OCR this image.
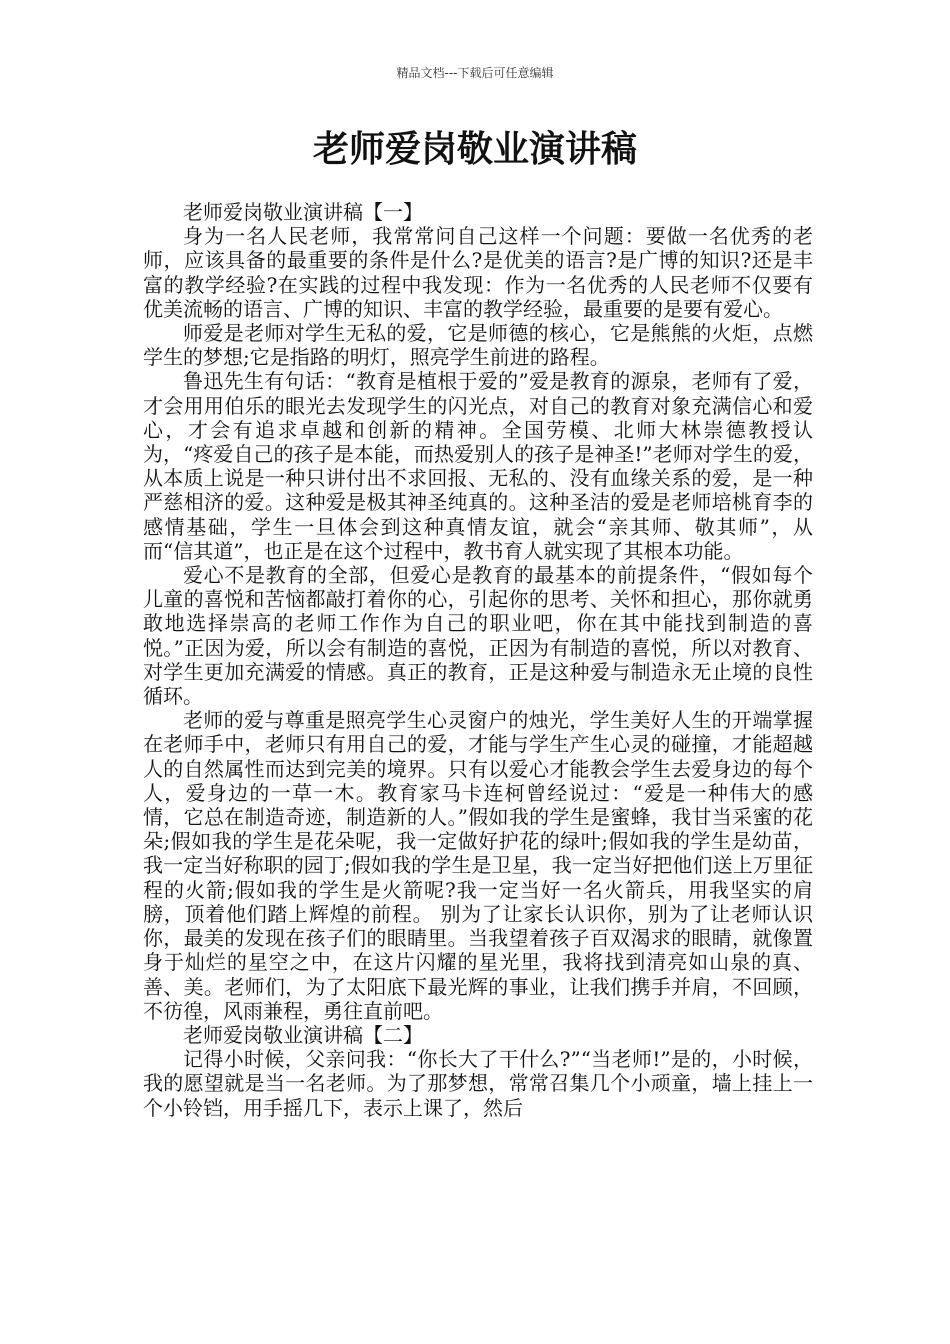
精品文档---下载后可任意编辑
老师爱岗敬业演讲稿

老师爱岗敬业演讲稿【一】

身为一名人民老师，我常常问自己这样一个问题：要做一名优秀的老师，应该具备的最重要的条件是什么?是优美的语言?是广博的知识?还是丰富的教学经验?在实践的过程中我发现：作为一名优秀的人民老师不仅要有优美流畅的语言、广博的知识、丰富的教学经验，最重要的是要有爱心。

师爱是老师对学生无私的爱，它是师德的核心，它是熊熊的火炬，点燃学生的梦想;它是指路的明灯，照亮学生前进的路程。

鲁迅先生有句话：“教育是植根于爱的”爱是教育的源泉，老师有了爱，才会用用伯乐的眼光去发现学生的闪光点，对自己的教育对象充满信心和爱心，才会有追求卓越和创新的精神。全国劳模、北师大林崇德教授认为，“疼爱自己的孩子是本能，而热爱别人的孩子是神圣!”老师对学生的爱，从本质上说是一种只讲付出不求回报、无私的、没有血缘关系的爱，是一种严慈相济的爱。这种爱是极其神圣纯真的。这种圣洁的爱是老师培桃育李的感情基础，学生一旦体会到这种真情友谊，就会“亲其师、敬其师”，从而“信其道”，也正是在这个过程中，教书育人就实现了其根本功能。

爱心不是教育的全部，但爱心是教育的最基本的前提条件，“假如每个儿童的喜悦和苦恼都敲打着你的心，引起你的思考、关怀和担心，那你就勇敢地选择崇高的老师工作作为自己的职业吧，你在其中能找到制造的喜悦。”正因为爱，所以会有制造的喜悦，正因为有制造的喜悦，所以对教育、对学生更加充满爱的情感。真正的教育，正是这种爱与制造永无止境的良性循环。

老师的爱与尊重是照亮学生心灵窗户的烛光，学生美好人生的开端掌握在老师手中，老师只有用自己的爱，才能与学生产生心灵的碰撞，才能超越人的自然属性而达到完美的境界。只有以爱心才能教会学生去爱身边的每个人，爱身边的一草一木。教育家马卡连柯曾经说过：“爱是一种伟大的感情，它总在制造奇迹，制造新的人。”假如我的学生是蜜蜂，我甘当采蜜的花朵;假如我的学生是花朵呢，我一定做好护花的绿叶;假如我的学生是幼苗，我一定当好称职的园丁;假如我的学生是卫星，我一定当好把他们送上万里征程的火箭;假如我的学生是火箭呢?我一定当好一名火箭兵，用我坚实的肩膀，顶着他们踏上辉煌的前程。 别为了让家长认识你，别为了让老师认识你，最美的发现在孩子们的眼睛里。当我望着孩子百双渴求的眼睛，就像置身于灿烂的星空之中，在这片闪耀的星光里，我将找到清亮如山泉的真、善、美。老师们，为了太阳底下最光辉的事业，让我们携手并肩，不回顾，不彷徨，风雨兼程，勇往直前吧。

老师爱岗敬业演讲稿【二】

记得小时候，父亲问我：“你长大了干什么?”“当老师!”是的，小时候，我的愿望就是当一名老师。为了那梦想，常常召集几个小顽童，墙上挂上一个小铃铛，用手摇几下，表示上课了，然后
